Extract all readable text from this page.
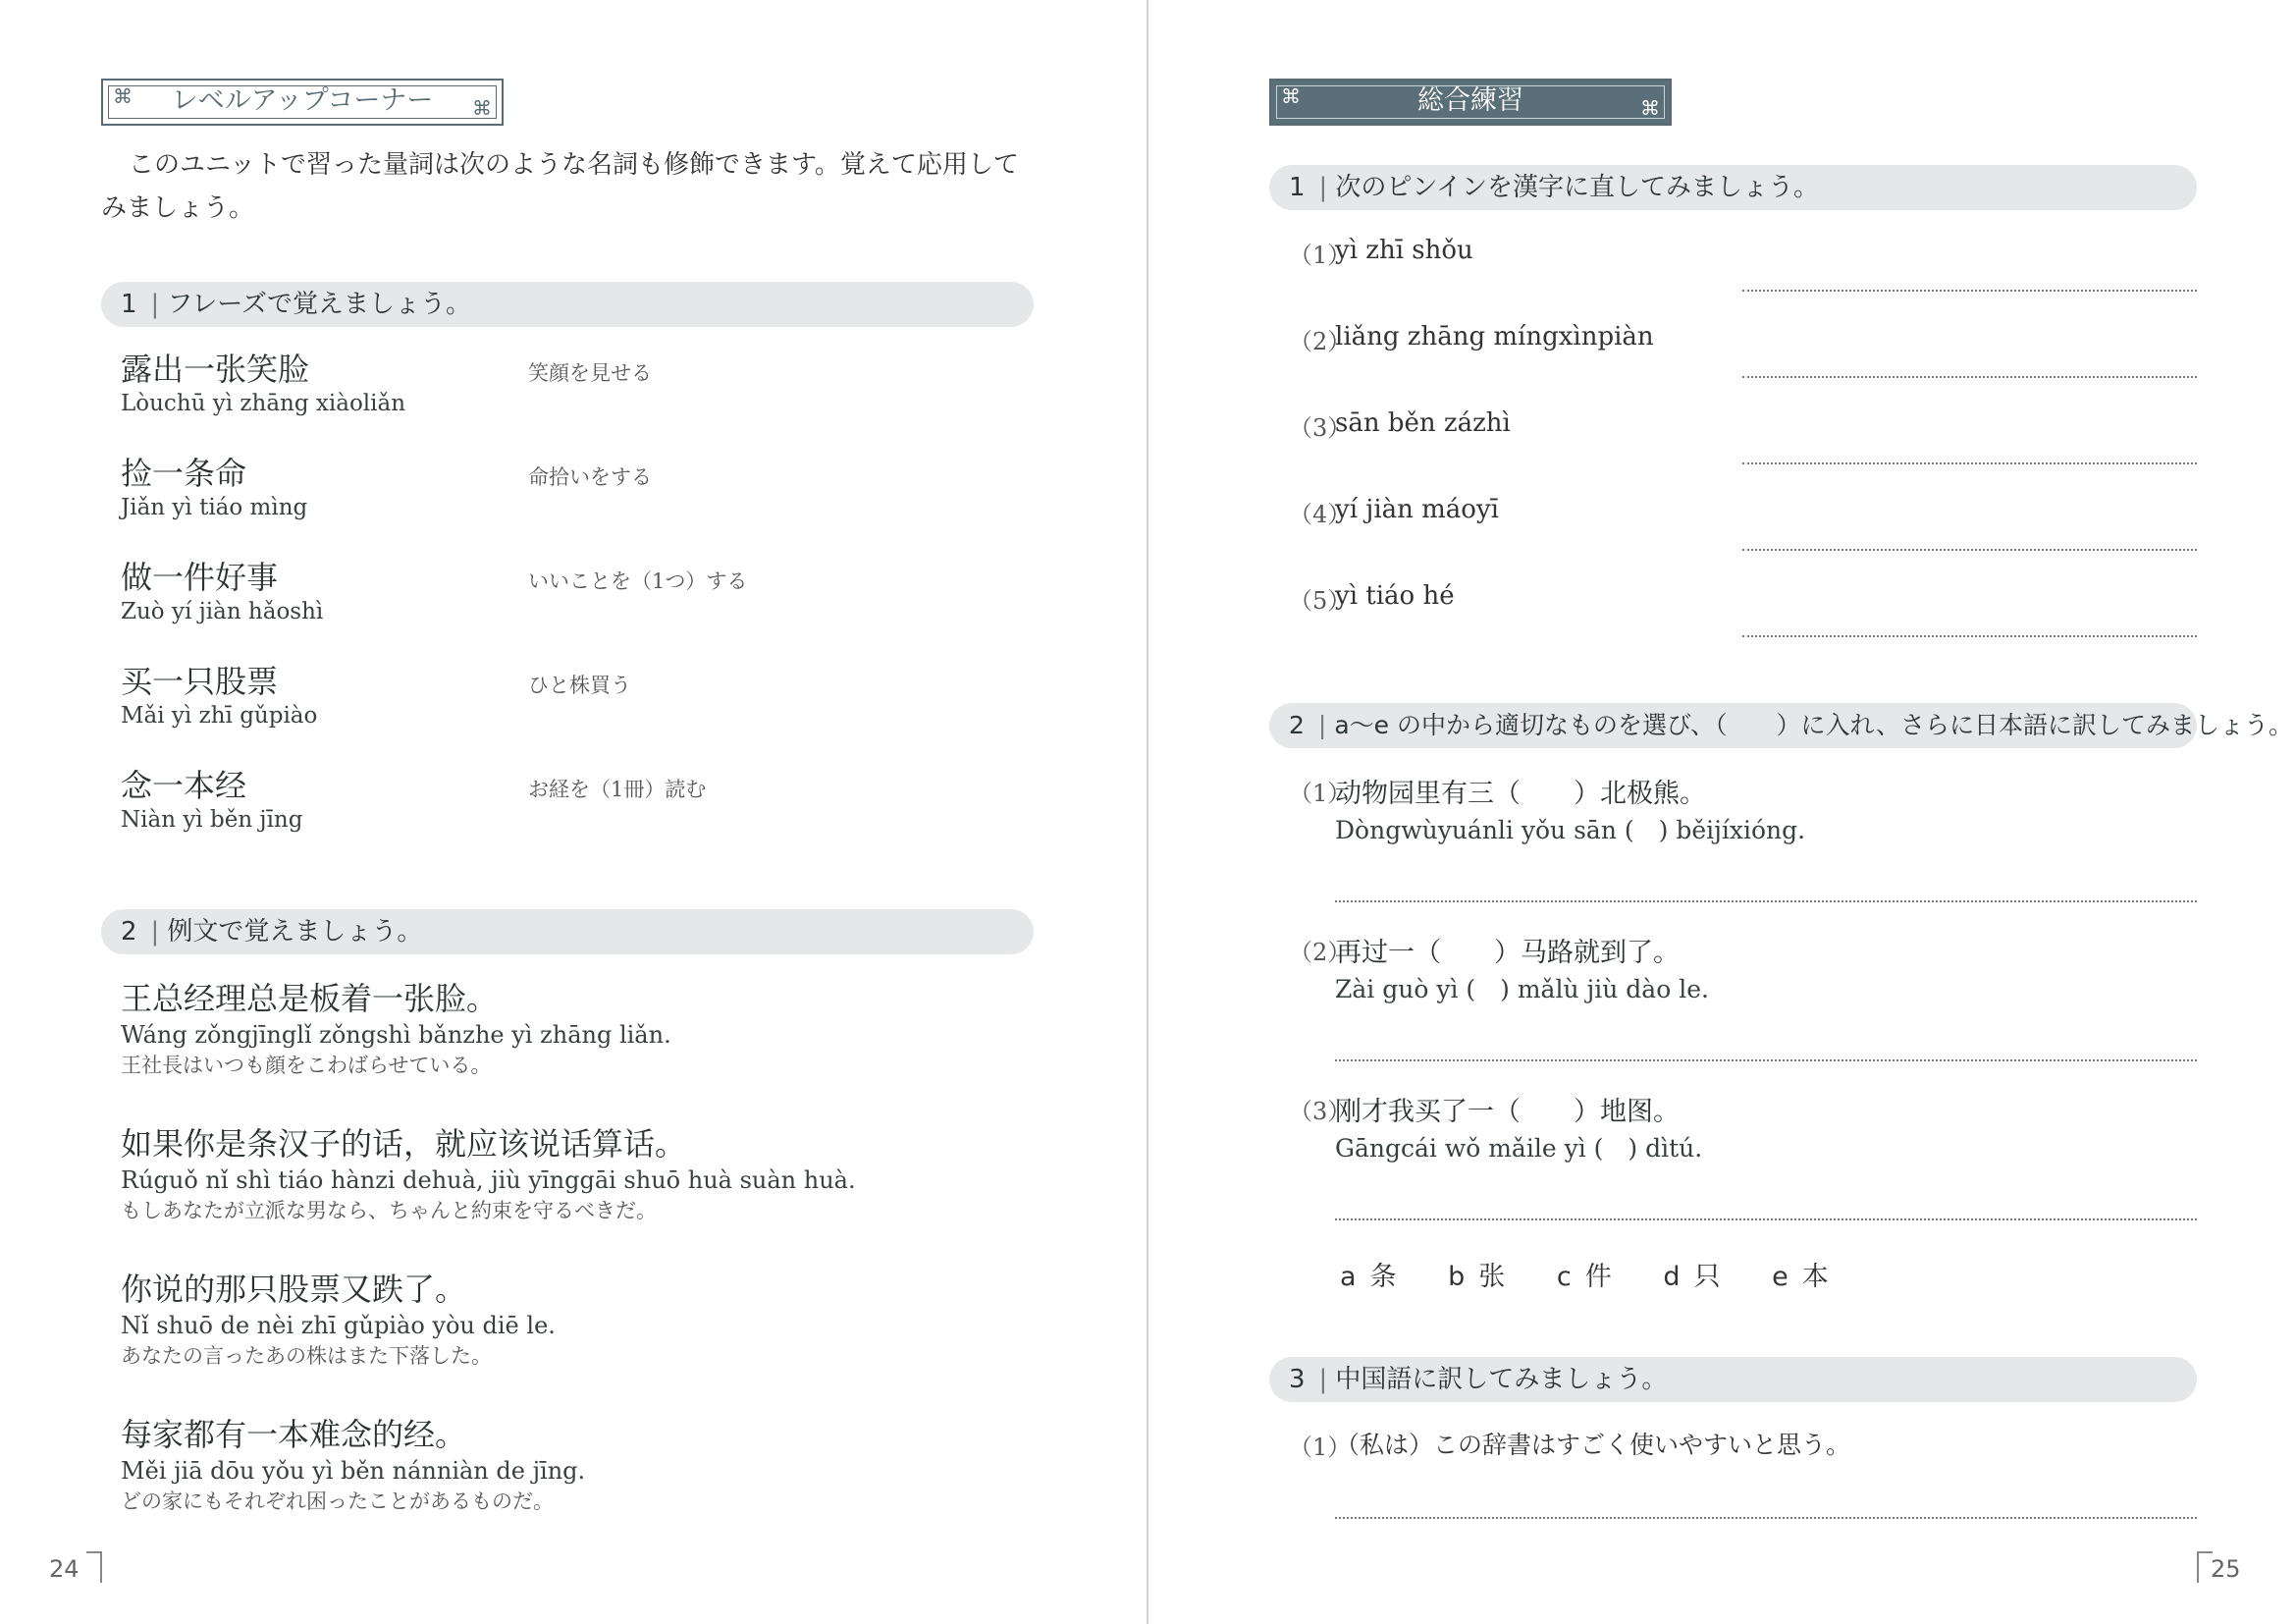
⌘ レベルアップコーナー ⌘
このユニットで習った量詞は次のような名詞も修飾できます。覚えて応用してみましょう。
1 | フレーズで覚えましょう。
露出一张笑脸
Lòuchū yì zhāng xiàoliǎn
笑顔を見せる
捡一条命
Jiǎn yì tiáo mìng
命拾いをする
做一件好事
Zuò yí jiàn hǎoshì
いいことを（1つ）する
买一只股票
Mǎi yì zhī gǔpiào
ひと株買う
念一本经
Niàn yì běn jīng
お経を（1冊）読む
2 | 例文で覚えましょう。
王总经理总是板着一张脸。
Wáng zǒngjīnglǐ zǒngshì bǎnzhe yì zhāng liǎn.
王社長はいつも顔をこわばらせている。
如果你是条汉子的话，就应该说话算话。
Rúguǒ nǐ shì tiáo hànzi dehuà, jiù yīnggāi shuō huà suàn huà.
もしあなたが立派な男なら、ちゃんと約束を守るべきだ。
你说的那只股票又跌了。
Nǐ shuō de nèi zhī gǔpiào yòu diē le.
あなたの言ったあの株はまた下落した。
每家都有一本难念的经。
Měi jiā dōu yǒu yì běn nánniàn de jīng.
どの家にもそれぞれ困ったことがあるものだ。
⌘	総合練習	⌘
1 | 次のピンインを漢字に直してみましょう。
（1）
yì zhī shǒu
（2）
liǎng zhāng míngxìnpiàn
（3）
sān běn zázhì
（4）
yí jiàn máoyī
（5）
yì tiáo hé
2 | a～e の中から適切なものを選び、（　　）に入れ、さらに日本語に訳してみましょう。
（1）
动物园里有三（　　）北极熊。
Dòngwùyuánli yǒu sān (　) běijíxióng.
（2）
再过一（　　）马路就到了。
Zài guò yì (　) mǎlù jiù dào le.
（3）
刚才我买了一（　　）地图。
Gāngcái wǒ mǎile yì (　) dìtú.
a 条 b 张 c 件 d 只 e 本
3 | 中国語に訳してみましょう。
（1）
（私は）この辞書はすごく使いやすいと思う。
24	25
